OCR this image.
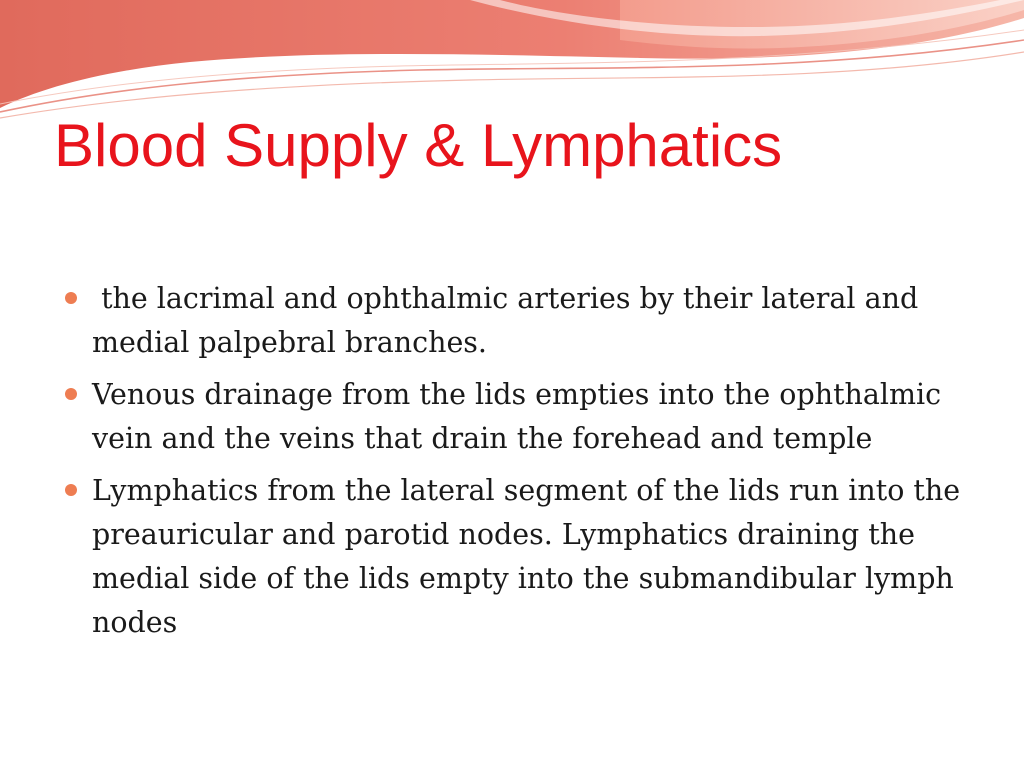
Blood Supply & Lymphatics
the lacrimal and ophthalmic arteries by their lateral and medial palpebral branches.
Venous drainage from the lids empties into the ophthalmic vein and the veins that drain the forehead and temple
Lymphatics from the lateral segment of the lids run into the preauricular and parotid nodes. Lymphatics draining the medial side of the lids empty into the submandibular lymph nodes
